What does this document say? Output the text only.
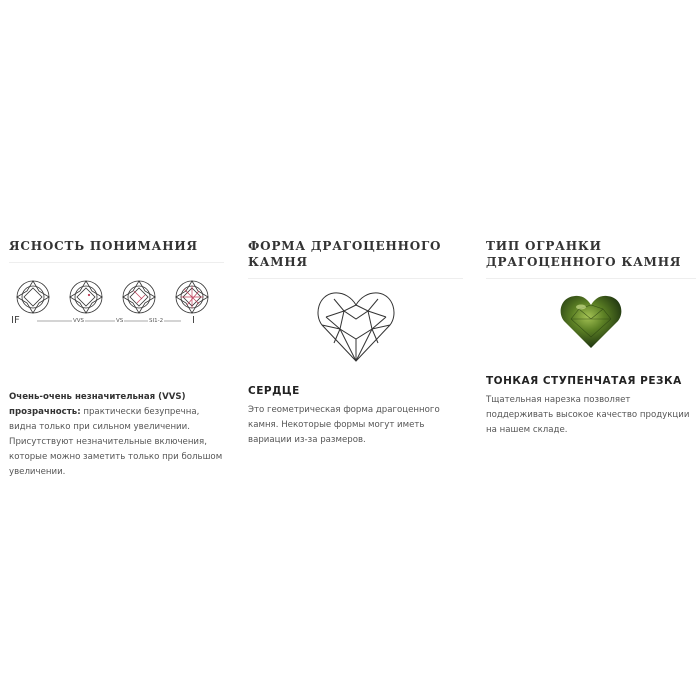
ЯСНОСТЬ ПОНИМАНИЯ
IF	VVS	VS	SI1-2	I

Очень-очень незначительная (VVS) прозрачность: практически безупречна, видна только при сильном увеличении. Присутствуют незначительные включения, которые можно заметить только при большом увеличении.

ФОРМА ДРАГОЦЕННОГО КАМНЯ

СЕРДЦЕ

Это геометрическая форма драгоценного камня. Некоторые формы могут иметь вариации из-за размеров.

ТИП ОГРАНКИ ДРАГОЦЕННОГО КАМНЯ

ТОНКАЯ СТУПЕНЧАТАЯ РЕЗКА

Тщательная нарезка позволяет поддерживать высокое качество продукции на нашем складе.
